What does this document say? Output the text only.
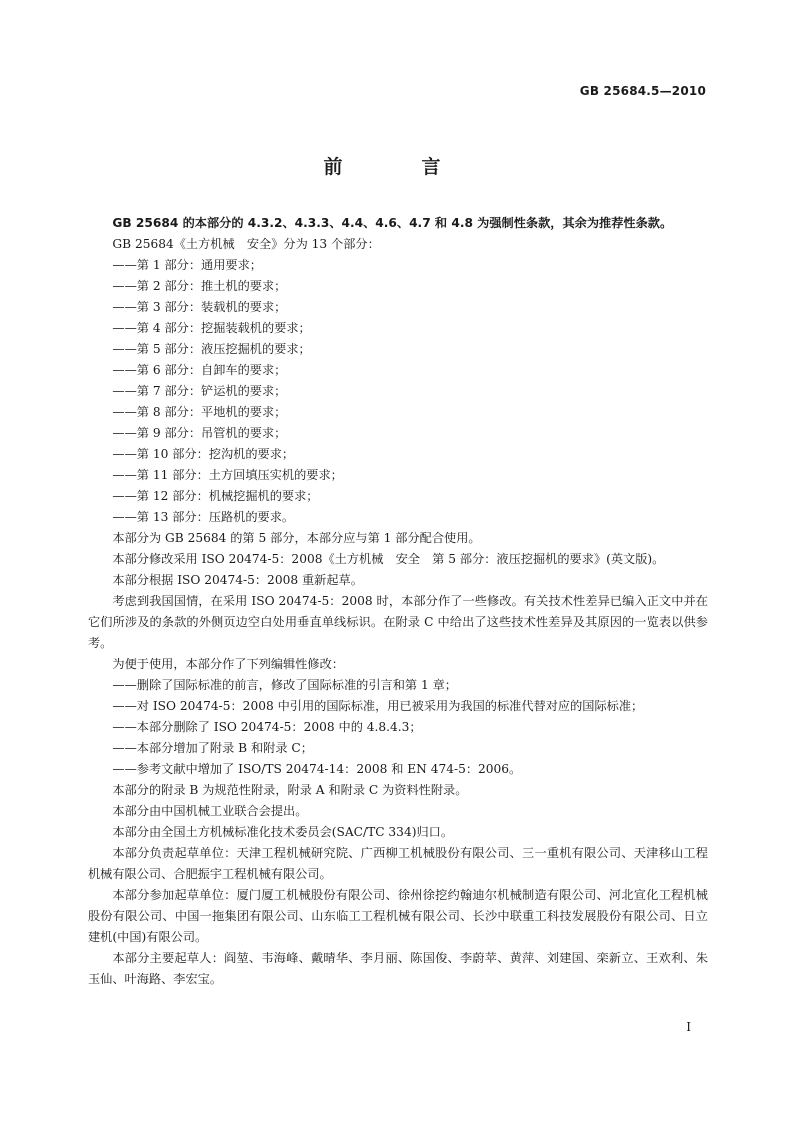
GB 25684.5—2010
前　言

GB 25684 的本部分的 4.3.2、4.3.3、4.4、4.6、4.7 和 4.8 为强制性条款，其余为推荐性条款。

GB 25684《土方机械　安全》分为 13 个部分：

——第 1 部分：通用要求；

——第 2 部分：推土机的要求；

——第 3 部分：装载机的要求；

——第 4 部分：挖掘装载机的要求；

——第 5 部分：液压挖掘机的要求；

——第 6 部分：自卸车的要求；

——第 7 部分：铲运机的要求；

——第 8 部分：平地机的要求；

——第 9 部分：吊管机的要求；

——第 10 部分：挖沟机的要求；

——第 11 部分：土方回填压实机的要求；

——第 12 部分：机械挖掘机的要求；

——第 13 部分：压路机的要求。

本部分为 GB 25684 的第 5 部分，本部分应与第 1 部分配合使用。

本部分修改采用 ISO 20474-5：2008《土方机械　安全　第 5 部分：液压挖掘机的要求》(英文版)。

本部分根据 ISO 20474-5：2008 重新起草。

考虑到我国国情，在采用 ISO 20474-5：2008 时，本部分作了一些修改。有关技术性差异已编入正文中并在它们所涉及的条款的外侧页边空白处用垂直单线标识。在附录 C 中给出了这些技术性差异及其原因的一览表以供参考。

为便于使用，本部分作了下列编辑性修改：

——删除了国际标准的前言，修改了国际标准的引言和第 1 章；

——对 ISO 20474-5：2008 中引用的国际标准，用已被采用为我国的标准代替对应的国际标准；

——本部分删除了 ISO 20474-5：2008 中的 4.8.4.3；

——本部分增加了附录 B 和附录 C；

——参考文献中增加了 ISO/TS 20474-14：2008 和 EN 474-5：2006。

本部分的附录 B 为规范性附录，附录 A 和附录 C 为资料性附录。

本部分由中国机械工业联合会提出。

本部分由全国土方机械标准化技术委员会(SAC/TC 334)归口。

本部分负责起草单位：天津工程机械研究院、广西柳工机械股份有限公司、三一重机有限公司、天津移山工程机械有限公司、合肥振宇工程机械有限公司。

本部分参加起草单位：厦门厦工机械股份有限公司、徐州徐挖约翰迪尔机械制造有限公司、河北宣化工程机械股份有限公司、中国一拖集团有限公司、山东临工工程机械有限公司、长沙中联重工科技发展股份有限公司、日立建机(中国)有限公司。

本部分主要起草人：阎堃、韦海峰、戴晴华、李月丽、陈国俊、李蔚苹、黄萍、刘建国、栾新立、王欢利、朱玉仙、叶海路、李宏宝。

I
